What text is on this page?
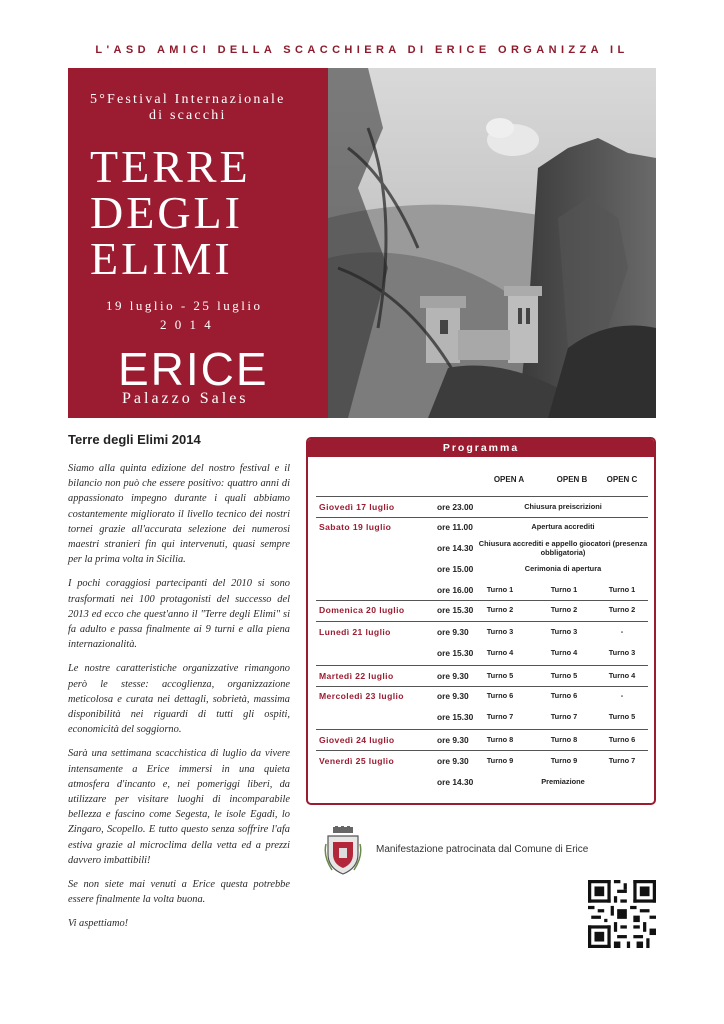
L'ASD AMICI DELLA SCACCHIERA DI ERICE ORGANIZZA IL
5°Festival Internazionale
di scacchi
TERRE
DEGLI
ELIMI
19 luglio - 25 luglio
2 0 1 4
ERICE
Palazzo Sales
Terre degli Elimi 2014

Siamo alla quinta edizione del nostro festival e il bilancio non può che essere positivo: quattro anni di appassionato impegno durante i quali abbiamo costantemente migliorato il livello tecnico dei nostri tornei grazie all'accurata selezione dei numerosi maestri stranieri fin qui intervenuti, quasi sempre per la prima volta in Sicilia.

I pochi coraggiosi partecipanti del 2010 si sono trasformati nei 100 protagonisti del successo del 2013 ed ecco che quest'anno il "Terre degli Elimi" si fa adulto e passa finalmente ai 9 turni e alla piena internazionalità.

Le nostre caratteristiche organizzative rimangono però le stesse: accoglienza, organizzazione meticolosa e curata nei dettagli, sobrietà, massima disponibilità nei riguardi di tutti gli ospiti, economicità del soggiorno.

Sarà una settimana scacchistica di luglio da vivere intensamente a Erice immersi in una quieta atmosfera d'incanto e, nei pomeriggi liberi, da utilizzare per visitare luoghi di incomparabile bellezza e fascino come Segesta, le isole Egadi, lo Zingaro, Scopello. E tutto questo senza soffrire l'afa estiva grazie al microclima della vetta ed a prezzi davvero imbattibili!

Se non siete mai venuti a Erice questa potrebbe essere finalmente la volta buona.

Vi aspettiamo!

Programma
OPEN A	OPEN B	OPEN C
Giovedì 17 luglio	ore 23.00	Chiusura preiscrizioni
Sabato 19 luglio	ore 11.00	Apertura accrediti
ore 14.30 Chiusura accrediti e appello giocatori (presenza obbligatoria)
ore 15.00	Cerimonia di apertura
ore 16.00	Turno 1	Turno 1	Turno 1
Domenica 20 luglio	ore 15.30	Turno 2	Turno 2	Turno 2
Lunedì 21 luglio	ore 9.30	Turno 3	Turno 3	-
ore 15.30	Turno 4	Turno 4	Turno 3
Martedì 22 luglio	ore 9.30	Turno 5	Turno 5	Turno 4
Mercoledì 23 luglio	ore 9.30	Turno 6	Turno 6	-
ore 15.30	Turno 7	Turno 7	Turno 5
Giovedì 24 luglio	ore 9.30	Turno 8	Turno 8	Turno 6
Venerdì 25 luglio	ore 9.30	Turno 9	Turno 9	Turno 7
ore 14.30	Premiazione
Manifestazione patrocinata dal Comune di Erice
